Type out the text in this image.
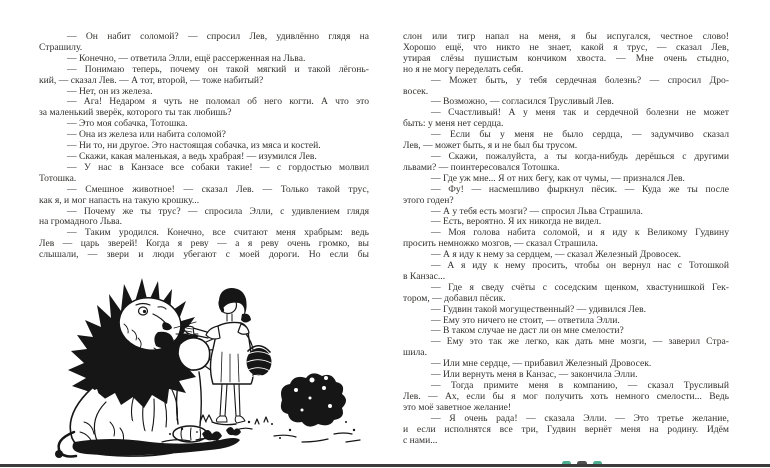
— Он набит соломой? — спросил Лев, удивлённо глядя на
Страшилу.
— Конечно, — ответила Элли, ещё рассерженная на Льва.
— Понимаю теперь, почему он такой мягкий и такой лёгонь-
кий, — сказал Лев. — А тот, второй, — тоже набитый?
— Нет, он из железа.
— Ага! Недаром я чуть не поломал об него когти. А что это
за маленький зверёк, которого ты так любишь?
— Это моя собачка, Тотошка.
— Она из железа или набита соломой?
— Ни то, ни другое. Это настоящая собачка, из мяса и костей.
— Скажи, какая маленькая, а ведь храбрая! — изумился Лев.
— У нас в Канзасе все собаки такие! — с гордостью молвил
Тотошка.
— Смешное животное! — сказал Лев. — Только такой трус,
как я, и мог напасть на такую крошку...
— Почему же ты трус? — спросила Элли, с удивлением глядя
на громадного Льва.
— Таким уродился. Конечно, все считают меня храбрым: ведь
Лев — царь зверей! Когда я реву — а я реву очень громко, вы
слышали, — звери и люди убегают с моей дороги. Но если бы
слон или тигр напал на меня, я бы испугался, честное слово!
Хорошо ещё, что никто не знает, какой я трус, — сказал Лев,
утирая слёзы пушистым кончиком хвоста. — Мне очень стыдно,
но я не могу переделать себя.
— Может быть, у тебя сердечная болезнь? — спросил Дро-
восек.
— Возможно, — согласился Трусливый Лев.
— Счастливый! А у меня так и сердечной болезни не может
быть: у меня нет сердца.
— Если бы у меня не было сердца, — задумчиво сказал
Лев, — может быть, я и не был бы трусом.
— Скажи, пожалуйста, а ты когда-нибудь дерёшься с другими
львами? — поинтересовался Тотошка.
— Где уж мне... Я от них бегу, как от чумы, — признался Лев.
— Фу! — насмешливо фыркнул пёсик. — Куда же ты после
этого годен?
— А у тебя есть мозги? — спросил Льва Страшила.
— Есть, вероятно. Я их никогда не видел.
— Моя голова набита соломой, и я иду к Великому Гудвину
просить немножко мозгов, — сказал Страшила.
— А я иду к нему за сердцем, — сказал Железный Дровосек.
— А я иду к нему просить, чтобы он вернул нас с Тотошкой
в Канзас...
— Где я сведу счёты с соседским щенком, хвастунишкой Гек-
тором, — добавил пёсик.
— Гудвин такой могущественный? — удивился Лев.
— Ему это ничего не стоит, — ответила Элли.
— В таком случае не даст ли он мне смелости?
— Ему это так же легко, как дать мне мозги, — заверил Стра-
шила.
— Или мне сердце, — прибавил Железный Дровосек.
— Или вернуть меня в Канзас, — закончила Элли.
— Тогда примите меня в компанию, — сказал Трусливый
Лев. — Ах, если бы я мог получить хоть немного смелости... Ведь
это моё заветное желание!
— Я очень рада! — сказала Элли. — Это третье желание,
и если исполнятся все три, Гудвин вернёт меня на родину. Идём
с нами...
